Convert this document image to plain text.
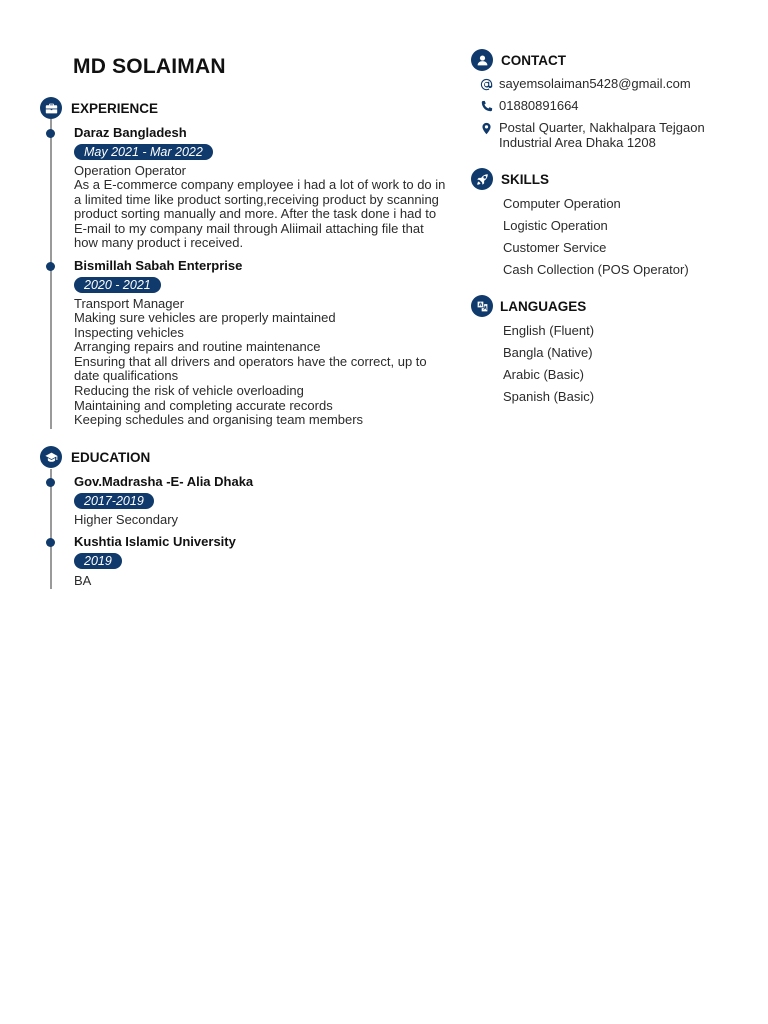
MD SOLAIMAN
EXPERIENCE
Daraz Bangladesh
May 2021 - Mar 2022
Operation Operator
As a E-commerce company employee i had a lot of work to do in
a limited time like product sorting,receiving product by scanning
product sorting manually and more. After the task done i had to
E-mail to my company mail through Aliimail attaching file that
how many product i received.
Bismillah Sabah Enterprise
2020 - 2021
Transport Manager
Making sure vehicles are properly maintained
Inspecting vehicles
Arranging repairs and routine maintenance
Ensuring that all drivers and operators have the correct, up to
date qualifications
Reducing the risk of vehicle overloading
Maintaining and completing accurate records
Keeping schedules and organising team members
EDUCATION
Gov.Madrasha -E- Alia Dhaka
2017-2019
Higher Secondary
Kushtia Islamic University
2019
BA
CONTACT
sayemsolaiman5428@gmail.com
01880891664
Postal Quarter, Nakhalpara Tejgaon
Industrial Area Dhaka 1208
SKILLS
Computer Operation
Logistic Operation
Customer Service
Cash Collection (POS Operator)
LANGUAGES
English (Fluent)
Bangla (Native)
Arabic (Basic)
Spanish (Basic)
